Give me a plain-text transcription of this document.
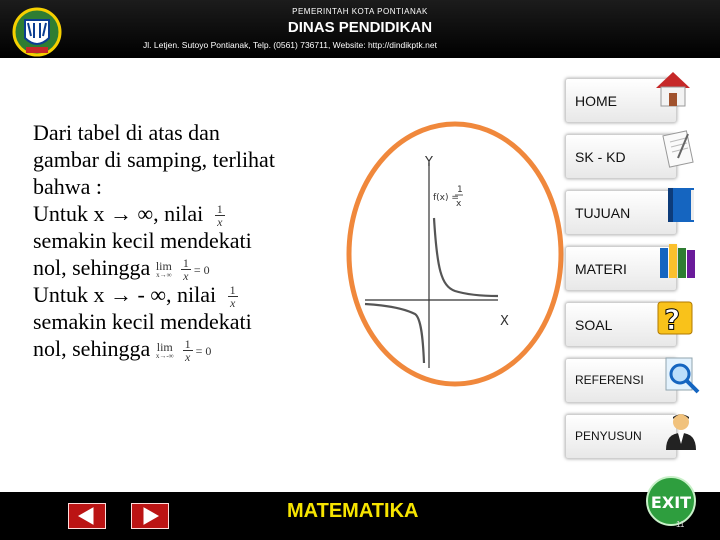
PEMERINTAH KOTA PONTIANAK
DINAS PENDIDIKAN
Jl. Letjen. Sutoyo Pontianak, Telp. (0561) 736711, Website: http://dindikptk.net
Dari tabel di atas dan
gambar di samping, terlihat
bahwa :
Untuk x → ∞, nilai $\frac{1}{x}$
semakin kecil mendekati
nol, sehingga lim
$x\to\infty \frac{1}{x} = 0$
Untuk x → - ∞, nilai $\frac{1}{x}$
semakin kecil mendekati
nol, sehingga lim
$x\to-\infty \frac{1}{x} = 0$
Y
X
f(x) =
1
x
HOME
SK - KD
TUJUAN
MATERI
SOAL ?
REFERENSI
PENYUSUN
MATEMATIKA	EXIT
11
